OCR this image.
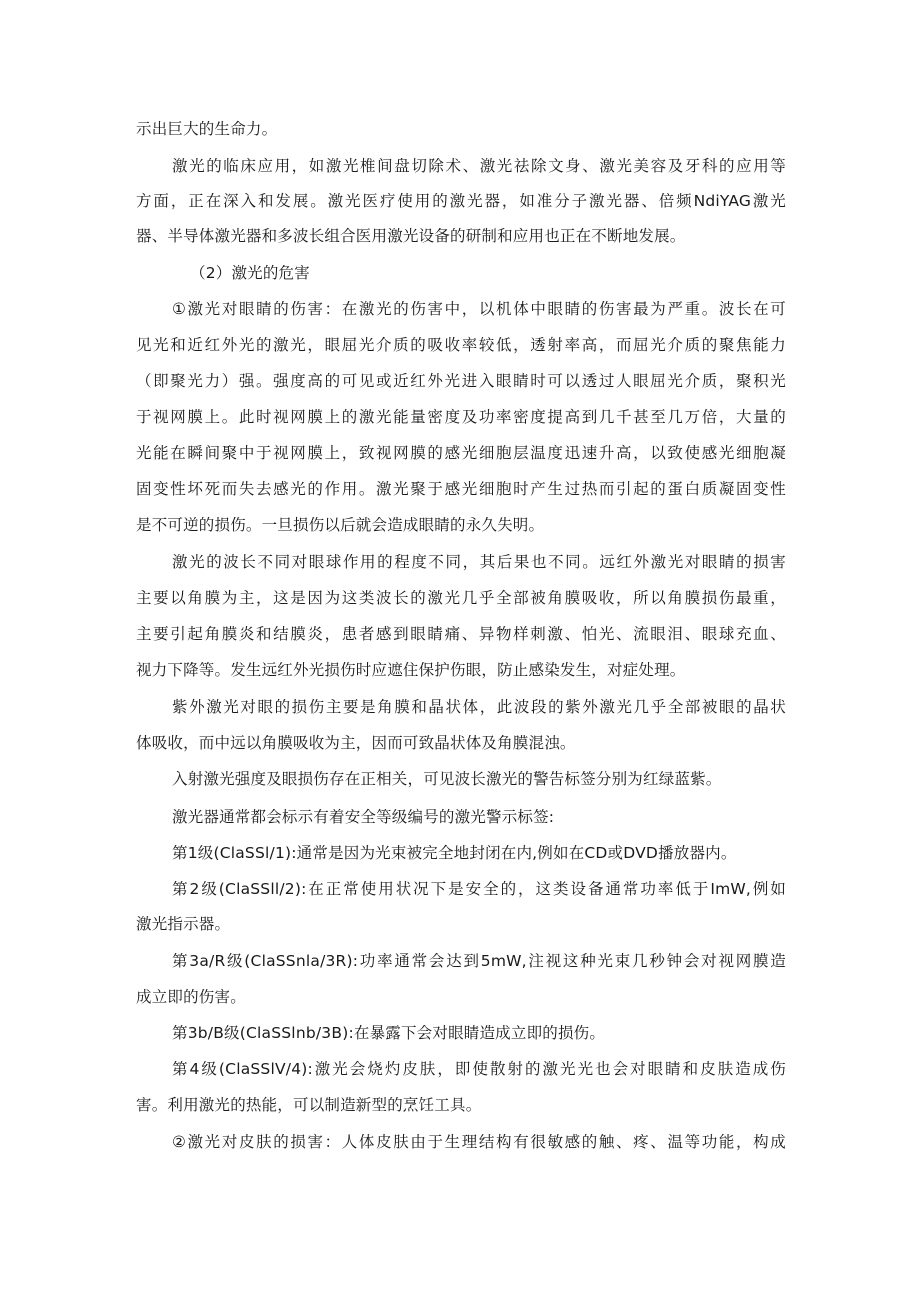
示出巨大的生命力。
激光的临床应用，如激光椎间盘切除术、激光祛除文身、激光美容及牙科的应用等
方面，正在深入和发展。激光医疗使用的激光器，如准分子激光器、倍频NdiYAG激光
器、半导体激光器和多波长组合医用激光设备的研制和应用也正在不断地发展。
（2）激光的危害
①激光对眼睛的伤害：在激光的伤害中，以机体中眼睛的伤害最为严重。波长在可
见光和近红外光的激光，眼屈光介质的吸收率较低，透射率高，而屈光介质的聚焦能力
（即聚光力）强。强度高的可见或近红外光进入眼睛时可以透过人眼屈光介质，聚积光
于视网膜上。此时视网膜上的激光能量密度及功率密度提高到几千甚至几万倍，大量的
光能在瞬间聚中于视网膜上，致视网膜的感光细胞层温度迅速升高，以致使感光细胞凝
固变性坏死而失去感光的作用。激光聚于感光细胞时产生过热而引起的蛋白质凝固变性
是不可逆的损伤。一旦损伤以后就会造成眼睛的永久失明。
激光的波长不同对眼球作用的程度不同，其后果也不同。远红外激光对眼睛的损害
主要以角膜为主，这是因为这类波长的激光几乎全部被角膜吸收，所以角膜损伤最重，
主要引起角膜炎和结膜炎，患者感到眼睛痛、异物样刺激、怕光、流眼泪、眼球充血、
视力下降等。发生远红外光损伤时应遮住保护伤眼，防止感染发生，对症处理。
紫外激光对眼的损伤主要是角膜和晶状体，此波段的紫外激光几乎全部被眼的晶状
体吸收，而中远以角膜吸收为主，因而可致晶状体及角膜混浊。
入射激光强度及眼损伤存在正相关，可见波长激光的警告标签分别为红绿蓝紫。
激光器通常都会标示有着安全等级编号的激光警示标签:
第1级(ClaSSl/1):通常是因为光束被完全地封闭在内,例如在CD或DVD播放器内。
第2级(ClaSSll/2):在正常使用状况下是安全的，这类设备通常功率低于ImW,例如
激光指示器。
第3a/R级(ClaSSnla/3R):功率通常会达到5mW,注视这种光束几秒钟会对视网膜造
成立即的伤害。
第3b/B级(ClaSSlnb/3B):在暴露下会对眼睛造成立即的损伤。
第4级(ClaSSlV/4):激光会烧灼皮肤，即使散射的激光光也会对眼睛和皮肤造成伤
害。利用激光的热能，可以制造新型的烹饪工具。
②激光对皮肤的损害：人体皮肤由于生理结构有很敏感的触、疼、温等功能，构成
